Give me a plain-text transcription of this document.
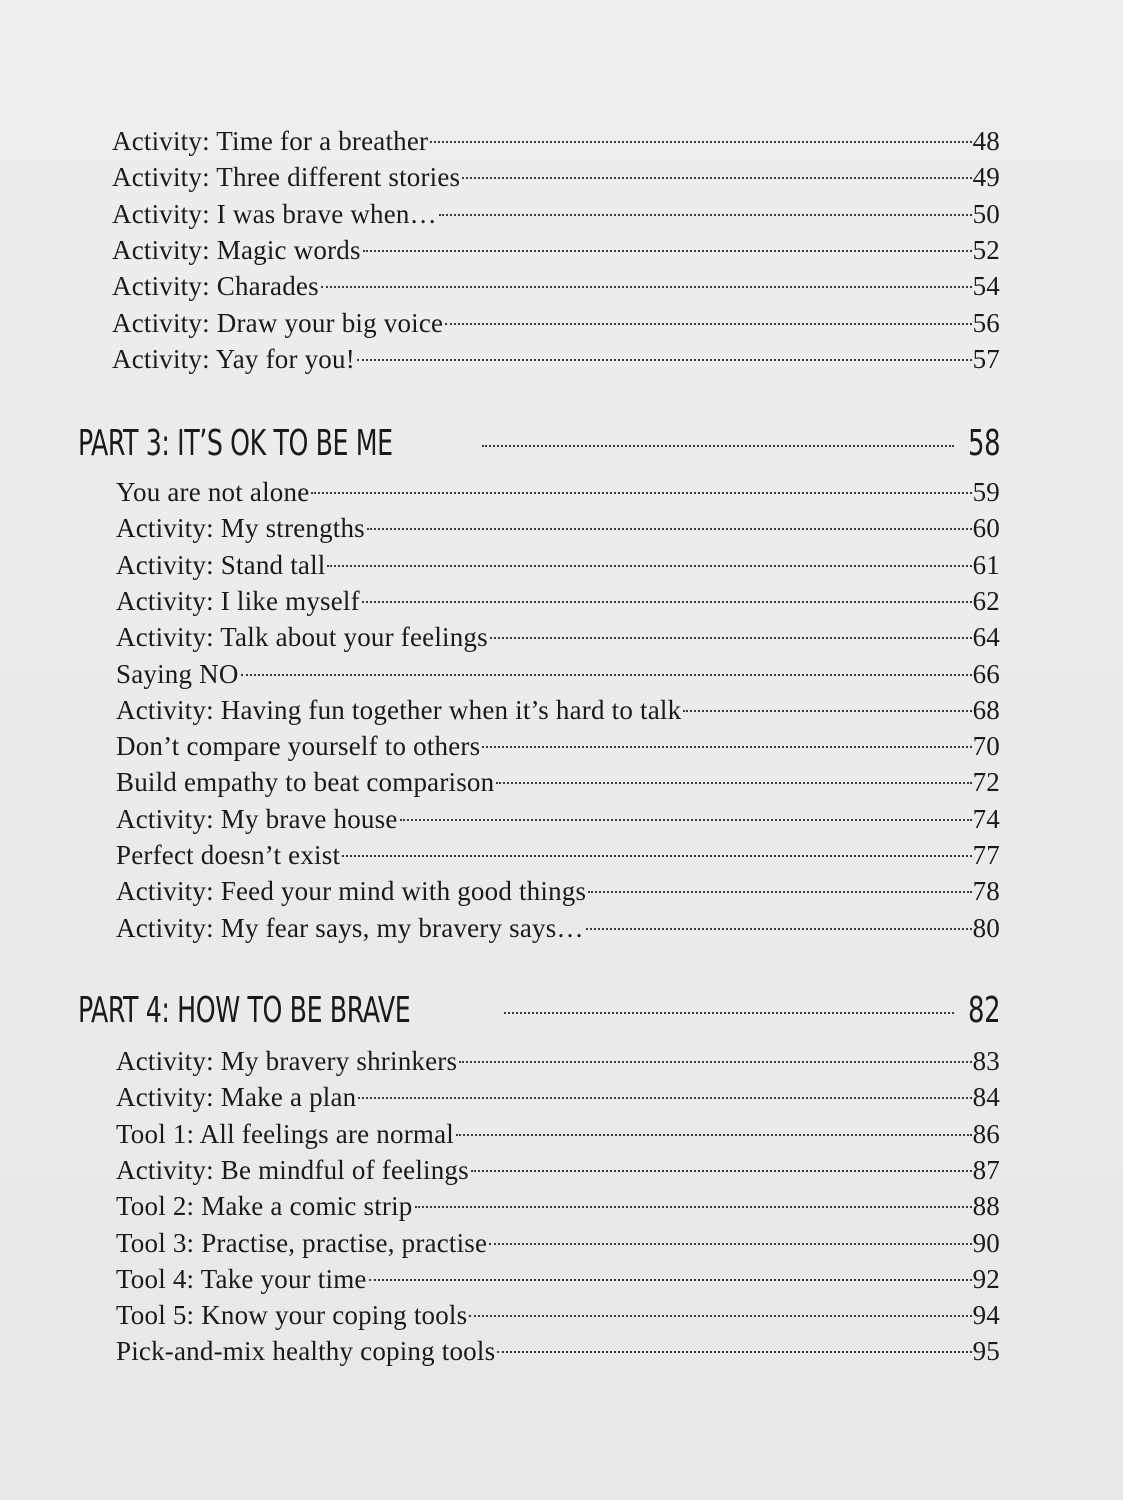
Activity: Time for a breather	48
Activity: Three different stories	49
Activity: I was brave when…	50
Activity: Magic words	52
Activity: Charades	54
Activity: Draw your big voice	56
Activity: Yay for you!	57
PART 3: IT’S OK TO BE ME	58
You are not alone	59
Activity: My strengths	60
Activity: Stand tall	61
Activity: I like myself	62
Activity: Talk about your feelings	64
Saying NO	66
Activity: Having fun together when it’s hard to talk	68
Don’t compare yourself to others	70
Build empathy to beat comparison	72
Activity: My brave house	74
Perfect doesn’t exist	77
Activity: Feed your mind with good things	78
Activity: My fear says, my bravery says…	80
PART 4: HOW TO BE BRAVE	82
Activity: My bravery shrinkers	83
Activity: Make a plan	84
Tool 1: All feelings are normal	86
Activity: Be mindful of feelings	87
Tool 2: Make a comic strip	88
Tool 3: Practise, practise, practise	90
Tool 4: Take your time	92
Tool 5: Know your coping tools	94
Pick-and-mix healthy coping tools	95
